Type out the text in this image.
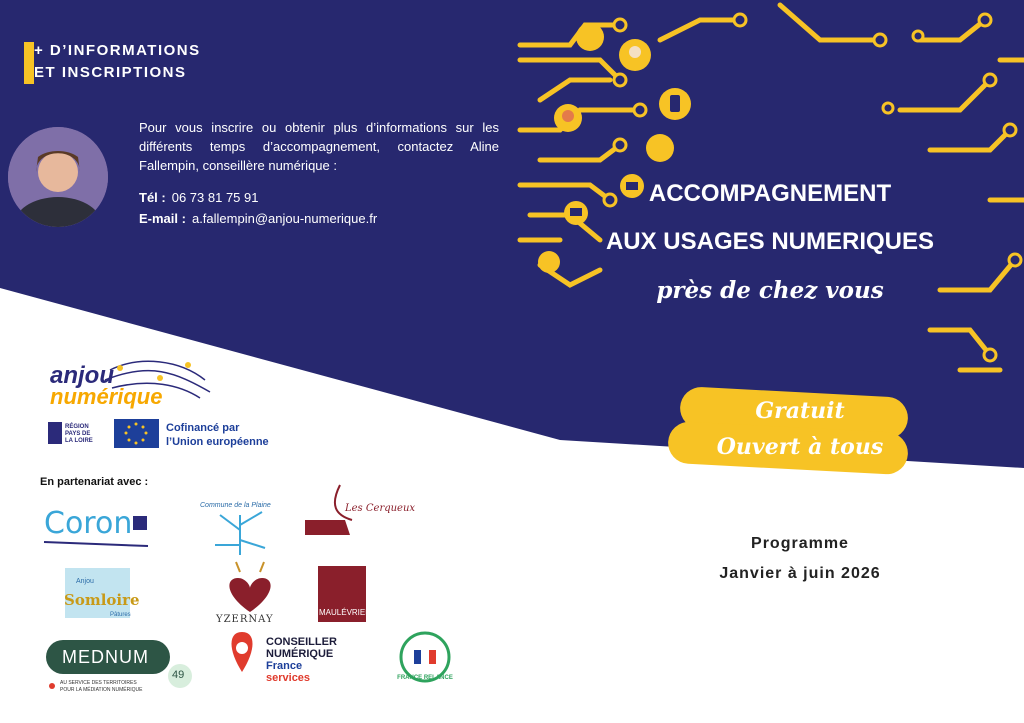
+ D’INFORMATIONS
ET INSCRIPTIONS
Pour vous inscrire ou obtenir plus d’informations sur les différents temps d’accompagnement, contactez Aline Fallempin, conseillère numérique :
Tél : 06 73 81 75 91
E-mail : a.fallempin@anjou-numerique.fr
ACCOMPAGNEMENT
AUX USAGES NUMERIQUES
près de chez vous
Gratuit
Ouvert à tous
Programme
Janvier à juin 2026
anjou
numérique
RÉGION PAYS DE LA LOIRE
Cofinancé par
l’Union européenne
En partenariat avec :
Coron
Commune de la Plaine	Les Cerqueux
Anjou
Somloire
Pâtures	YZERNAY
MAULÉVRIER
MEDNUM
49
AU SERVICE DES TERRITOIRES
POUR LA MÉDIATION NUMÉRIQUE
CONSEILLER
NUMÉRIQUE
France
services	FRANCE RELANCE
